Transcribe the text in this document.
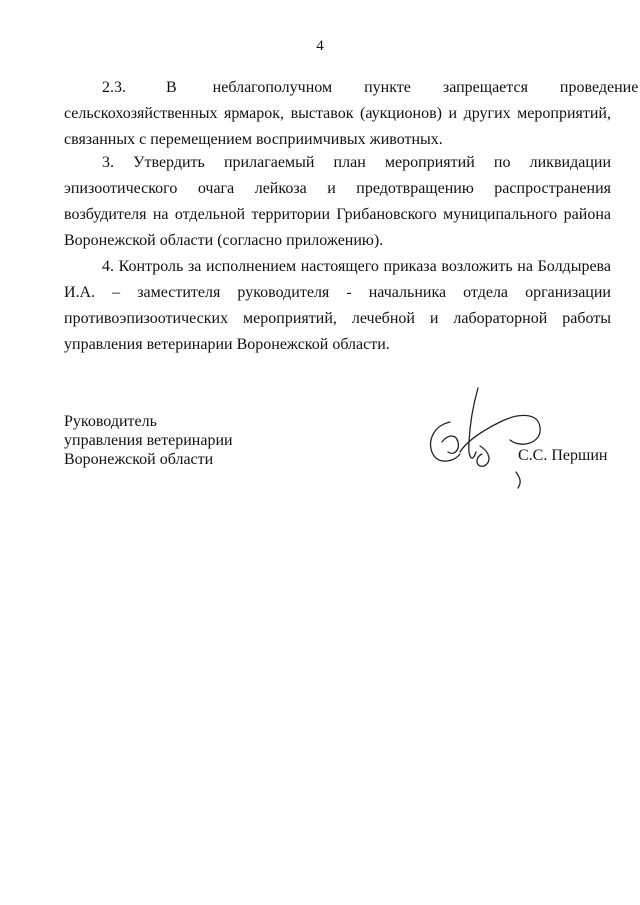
4
2.3.          В         неблагополучном        пункте        запрещается        проведение
сельскохозяйственных ярмарок, выставок (аукционов) и других мероприятий,
связанных с перемещением восприимчивых животных.

3. Утвердить прилагаемый план мероприятий по ликвидации эпизоотического очага лейкоза и предотвращению распространения возбудителя на отдельной территории Грибановского муниципального района Воронежской области (согласно приложению).

4. Контроль за исполнением настоящего приказа возложить на Болдырева И.А. – заместителя руководителя - начальника отдела организации противоэпизоотических мероприятий, лечебной и лабораторной работы управления ветеринарии Воронежской области.

Руководитель
управления ветеринарии
Воронежской области	С.С. Першин
